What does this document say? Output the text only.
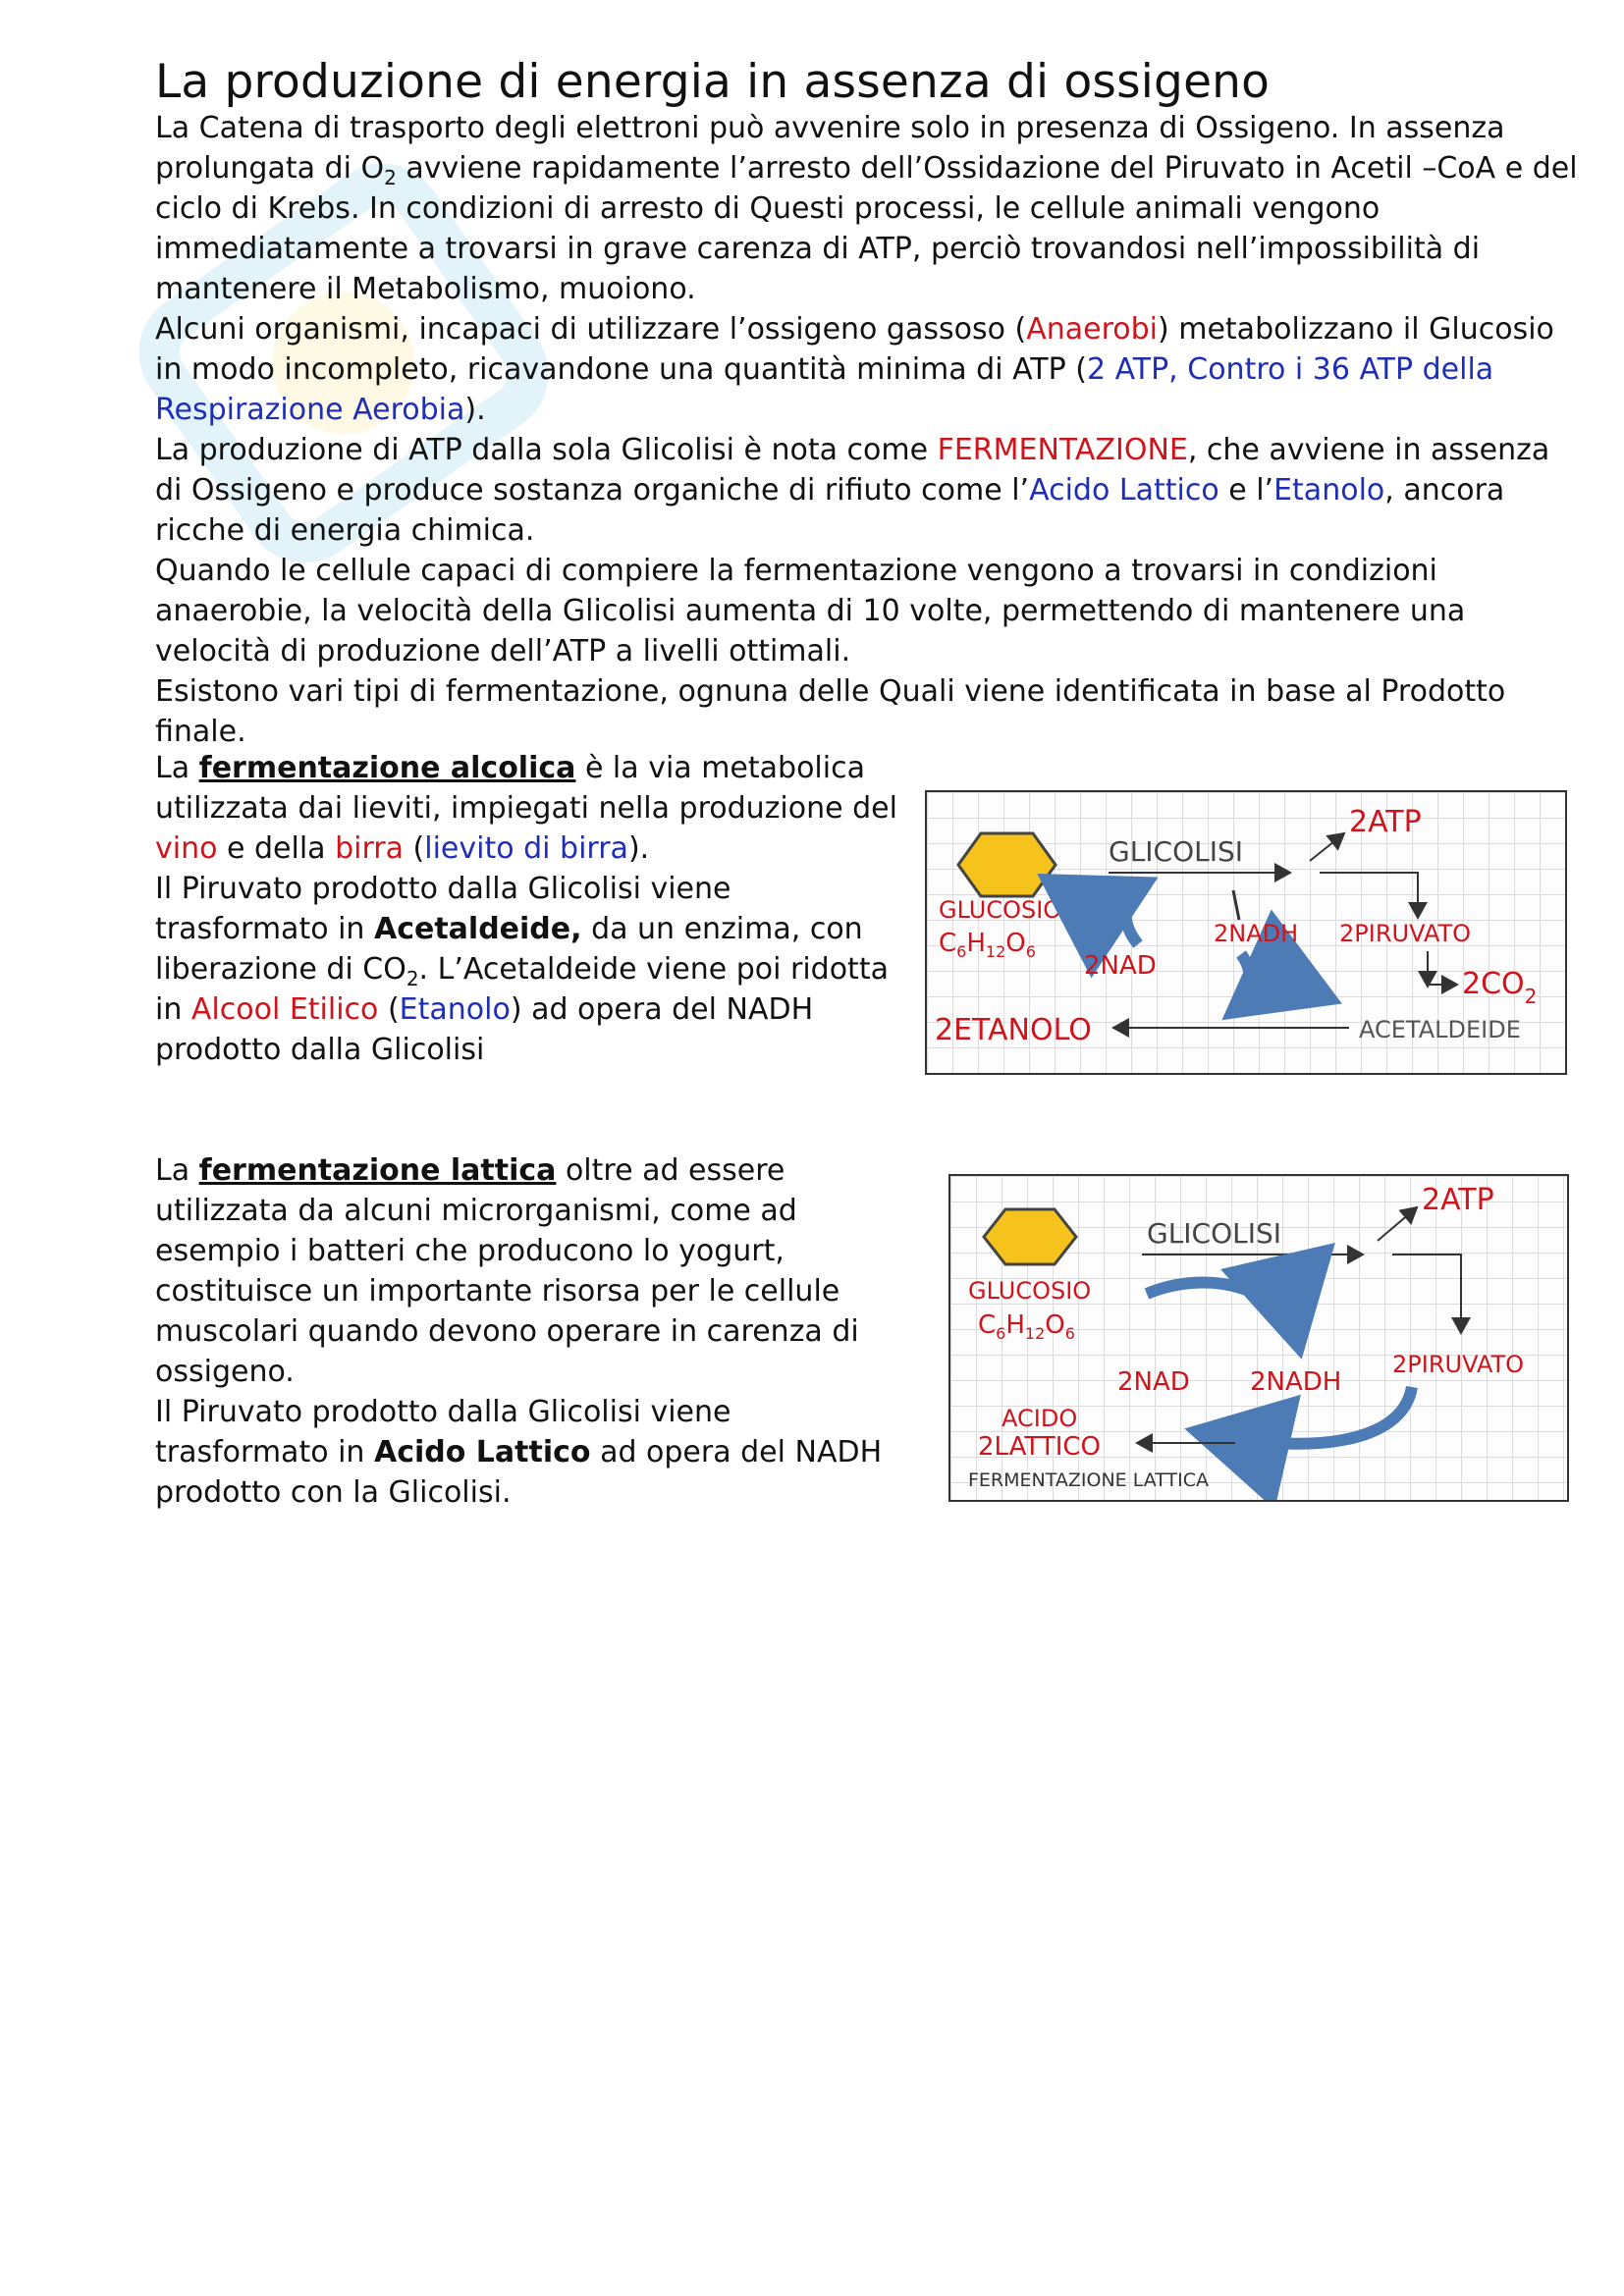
La produzione di energia in assenza di ossigeno

La Catena di trasporto degli elettroni può avvenire solo in presenza di Ossigeno. In assenza prolungata di $O_2$ avviene rapidamente l’arresto dell’Ossidazione del Piruvato in Acetil –CoA e del ciclo di Krebs. In condizioni di arresto di Questi processi, le cellule animali vengono immediatamente a trovarsi in grave carenza di ATP, perciò trovandosi nell’impossibilità di mantenere il Metabolismo, muoiono.

Alcuni organismi, incapaci di utilizzare l’ossigeno gassoso (Anaerobi) metabolizzano il Glucosio in modo incompleto, ricavandone una quantità minima di ATP (2 ATP, Contro i 36 ATP della Respirazione Aerobia).

La produzione di ATP dalla sola Glicolisi è nota come FERMENTAZIONE, che avviene in assenza di Ossigeno e produce sostanza organiche di rifiuto come l’Acido Lattico e l’Etanolo, ancora ricche di energia chimica.

Quando le cellule capaci di compiere la fermentazione vengono a trovarsi in condizioni anaerobie, la velocità della Glicolisi aumenta di 10 volte, permettendo di mantenere una velocità di produzione dell’ATP a livelli ottimali.

Esistono vari tipi di fermentazione, ognuna delle Quali viene identificata in base al Prodotto finale.

La fermentazione alcolica è la via metabolica utilizzata dai lieviti, impiegati nella produzione del vino e della birra (lievito di birra).

Il Piruvato prodotto dalla Glicolisi viene trasformato in Acetaldeide, da un enzima, con liberazione di $CO_2$. L’Acetaldeide viene poi ridotta in Alcool Etilico (Etanolo) ad opera del NADH prodotto dalla Glicolisi

La fermentazione lattica oltre ad essere utilizzata da alcuni microrganismi, come ad esempio i batteri che producono lo yogurt, costituisce un importante risorsa per le cellule muscolari quando devono operare in carenza di ossigeno.

Il Piruvato prodotto dalla Glicolisi viene trasformato in Acido Lattico ad opera del NADH prodotto con la Glicolisi.

GLICOLISI
2ATP
GLUCOSIO
$C_6H_{12}O_6$ 2NAD
2NADH 2PIRUVATO
$2CO_2$
2ETANOLO	ACETALDEIDE
GLICOLISI
2ATP
GLUCOSIO
$C_6H_{12}O_6$
2NAD 2NADH
2PIRUVATO
ACIDO
2LATTICO
FERMENTAZIONE LATTICA
